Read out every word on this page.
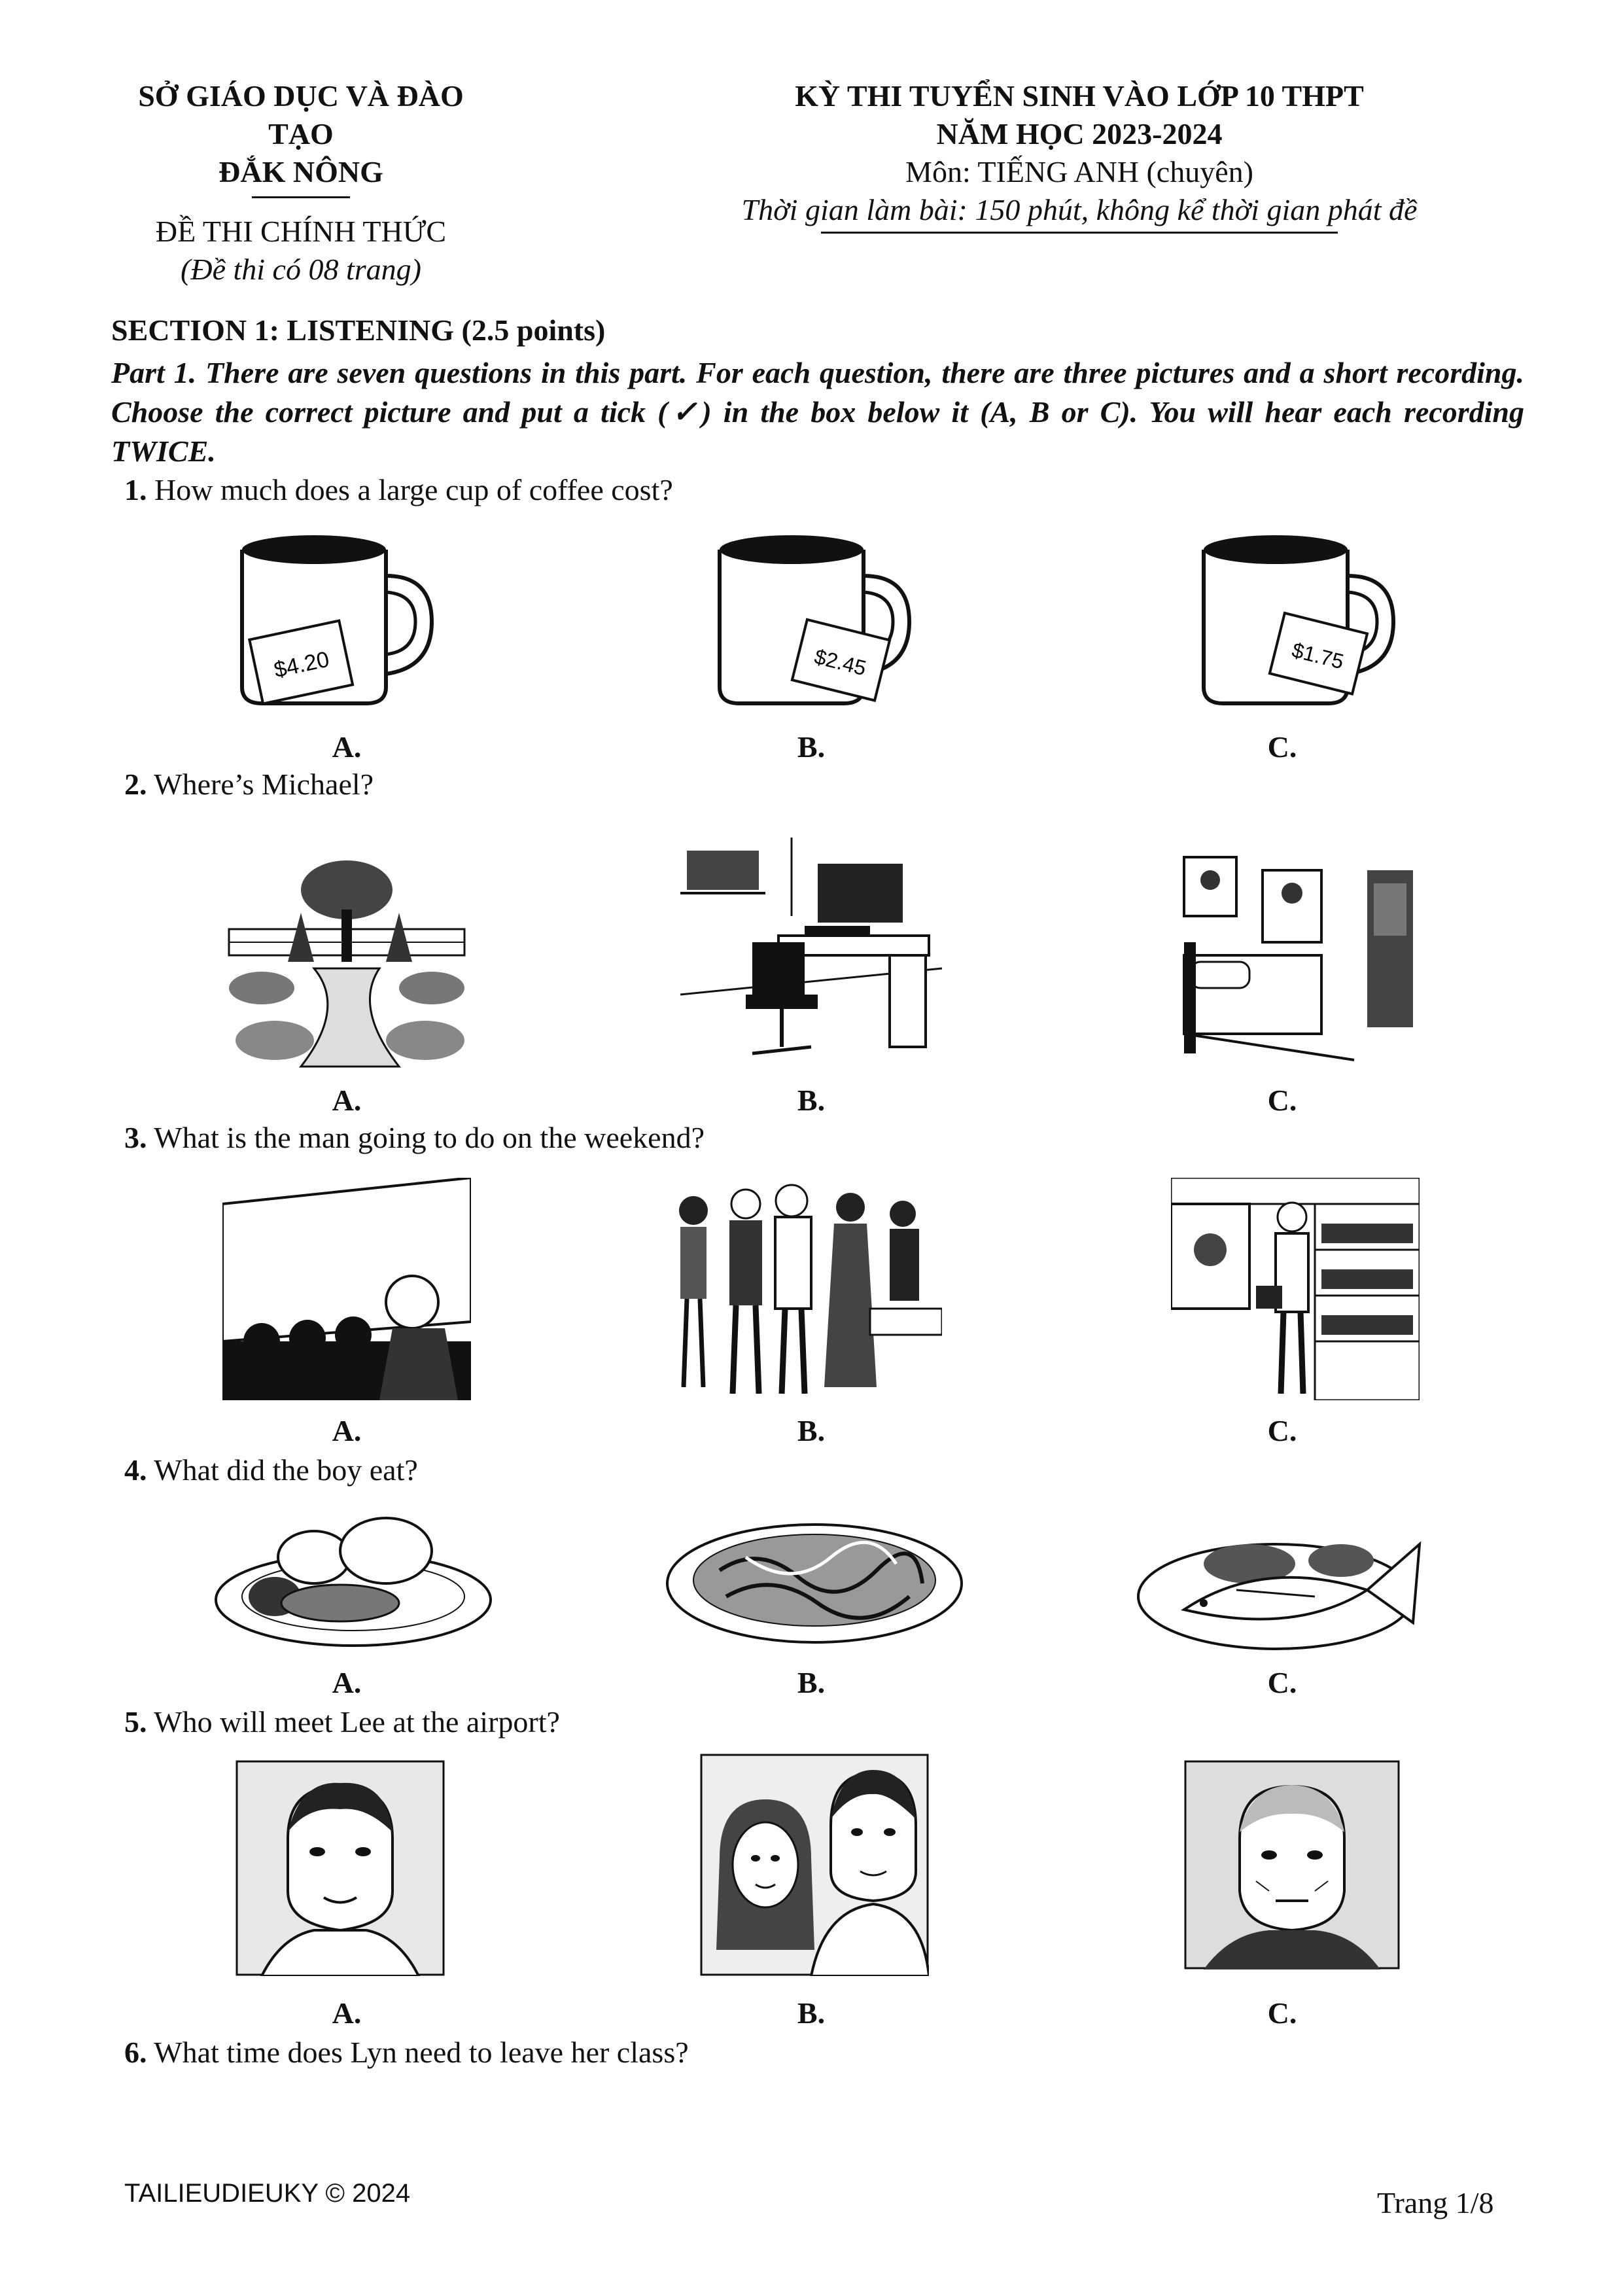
SỞ GIÁO DỤC VÀ ĐÀO TẠO
ĐẮK NÔNG
ĐỀ THI CHÍNH THỨC
(Đề thi có 08 trang)
KỲ THI TUYỂN SINH VÀO LỚP 10 THPT
NĂM HỌC 2023-2024
Môn: TIẾNG ANH (chuyên)
Thời gian làm bài: 150 phút, không kể thời gian phát đề
SECTION 1: LISTENING (2.5 points)
Part 1. There are seven questions in this part. For each question, there are three pictures and a short recording. Choose the correct picture and put a tick (✓) in the box below it (A, B or C). You will hear each recording TWICE.
1. How much does a large cup of coffee cost?
$4.20	$2.45	$1.75
A.	B.	C.
2. Where’s Michael?
A.	B.	C.
3. What is the man going to do on the weekend?
A.	B.	C.
4. What did the boy eat?
A.	B.	C.
5. Who will meet Lee at the airport?
A.	B.	C.
6. What time does Lyn need to leave her class?
TAILIEUDIEUKY © 2024	Trang 1/8
